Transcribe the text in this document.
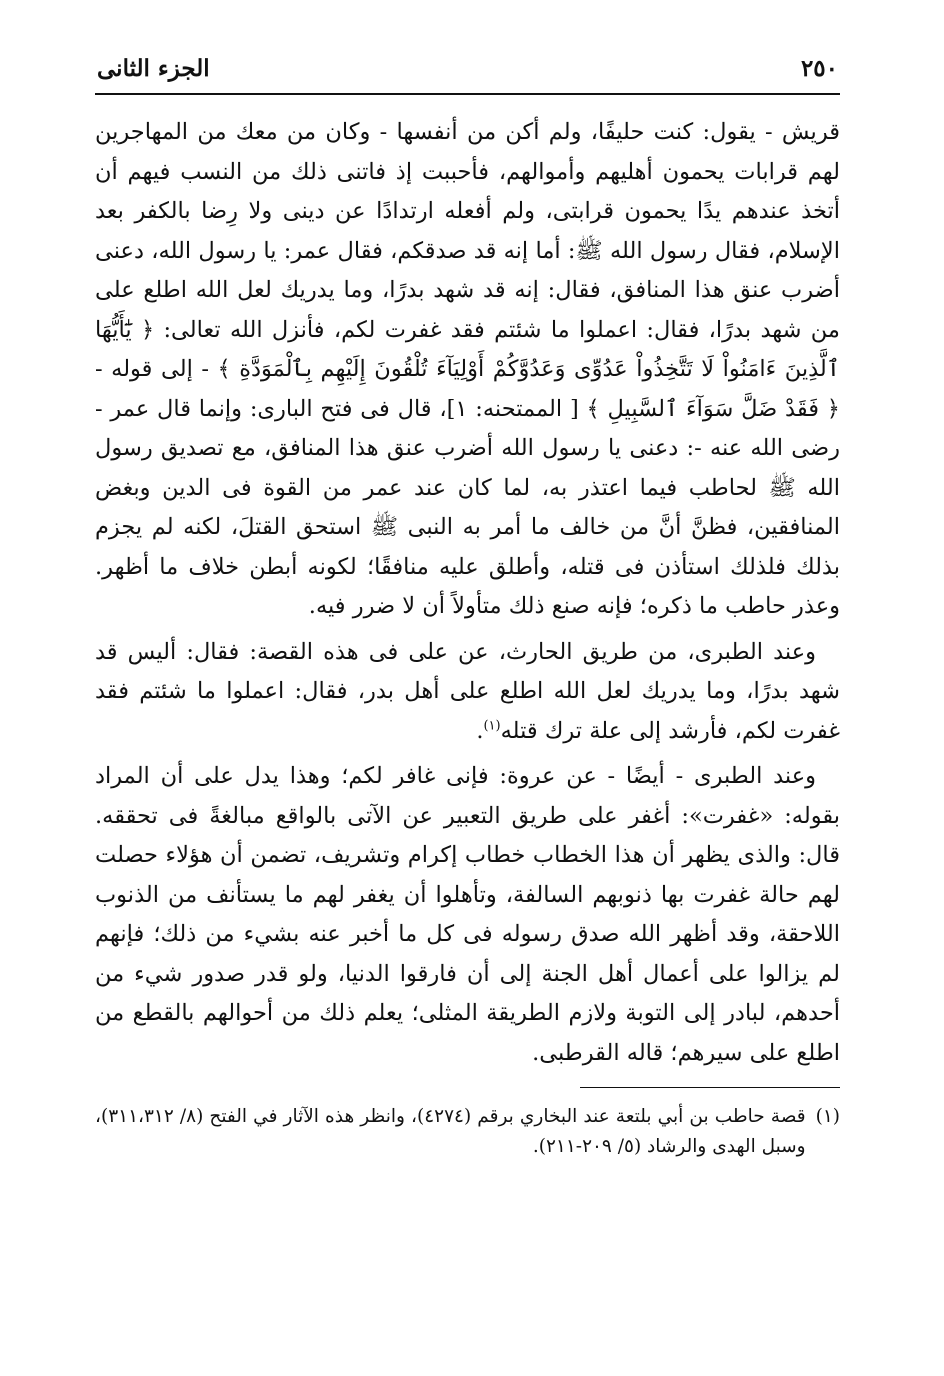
٢٥٠
الجزء الثانى

قريش - يقول: كنت حليفًا، ولم أكن من أنفسها - وكان من معك من المهاجرين لهم قرابات يحمون أهليهم وأموالهم، فأحببت إذ فاتنى ذلك من النسب فيهم أن أتخذ عندهم يدًا يحمون قرابتى، ولم أفعله ارتدادًا عن دينى ولا رِضا بالكفر بعد الإسلام، فقال رسول الله ﷺ: أما إنه قد صدقكم، فقال عمر: يا رسول الله، دعنى أضرب عنق هذا المنافق، فقال: إنه قد شهد بدرًا، وما يدريك لعل الله اطلع على من شهد بدرًا، فقال: اعملوا ما شئتم فقد غفرت لكم، فأنزل الله تعالى: ﴿ يَٰٓأَيُّهَا ٱلَّذِينَ ءَامَنُواْ لَا تَتَّخِذُواْ عَدُوِّى وَعَدُوَّكُمْ أَوْلِيَآءَ تُلْقُونَ إِلَيْهِم بِٱلْمَوَدَّةِ ﴾ - إلى قوله - ﴿ فَقَدْ ضَلَّ سَوَآءَ ٱلسَّبِيلِ ﴾ [ الممتحنه: ١]، قال فى فتح البارى: وإنما قال عمر - رضى الله عنه -: دعنى يا رسول الله أضرب عنق هذا المنافق، مع تصديق رسول الله ﷺ لحاطب فيما اعتذر به، لما كان عند عمر من القوة فى الدين وبغض المنافقين، فظنَّ أنَّ من خالف ما أمر به النبى ﷺ استحق القتلَ، لكنه لم يجزم بذلك فلذلك استأذن فى قتله، وأطلق عليه منافقًا؛ لكونه أبطن خلاف ما أظهر. وعذر حاطب ما ذكره؛ فإنه صنع ذلك متأولاً أن لا ضرر فيه.

وعند الطبرى، من طريق الحارث، عن على فى هذه القصة: فقال: أليس قد شهد بدرًا، وما يدريك لعل الله اطلع على أهل بدر، فقال: اعملوا ما شئتم فقد غفرت لكم، فأرشد إلى علة ترك قتله$^{(١)}$.

وعند الطبرى - أيضًا - عن عروة: فإنى غافر لكم؛ وهذا يدل على أن المراد بقوله: «غفرت»: أغفر على طريق التعبير عن الآتى بالواقع مبالغةً فى تحققه. قال: والذى يظهر أن هذا الخطاب خطاب إكرام وتشريف، تضمن أن هؤلاء حصلت لهم حالة غفرت بها ذنوبهم السالفة، وتأهلوا أن يغفر لهم ما يستأنف من الذنوب اللاحقة، وقد أظهر الله صدق رسوله فى كل ما أخبر عنه بشيء من ذلك؛ فإنهم لم يزالوا على أعمال أهل الجنة إلى أن فارقوا الدنيا، ولو قدر صدور شيء من أحدهم، لبادر إلى التوبة ولازم الطريقة المثلى؛ يعلم ذلك من أحوالهم بالقطع من اطلع على سيرهم؛ قاله القرطبى.

(١)
قصة حاطب بن أبي بلتعة عند البخاري برقم (٤٢٧٤)، وانظر هذه الآثار في الفتح (٨/ ٣١١،٣١٢)، وسبل الهدى والرشاد (٥/ ٢٠٩-٢١١).
